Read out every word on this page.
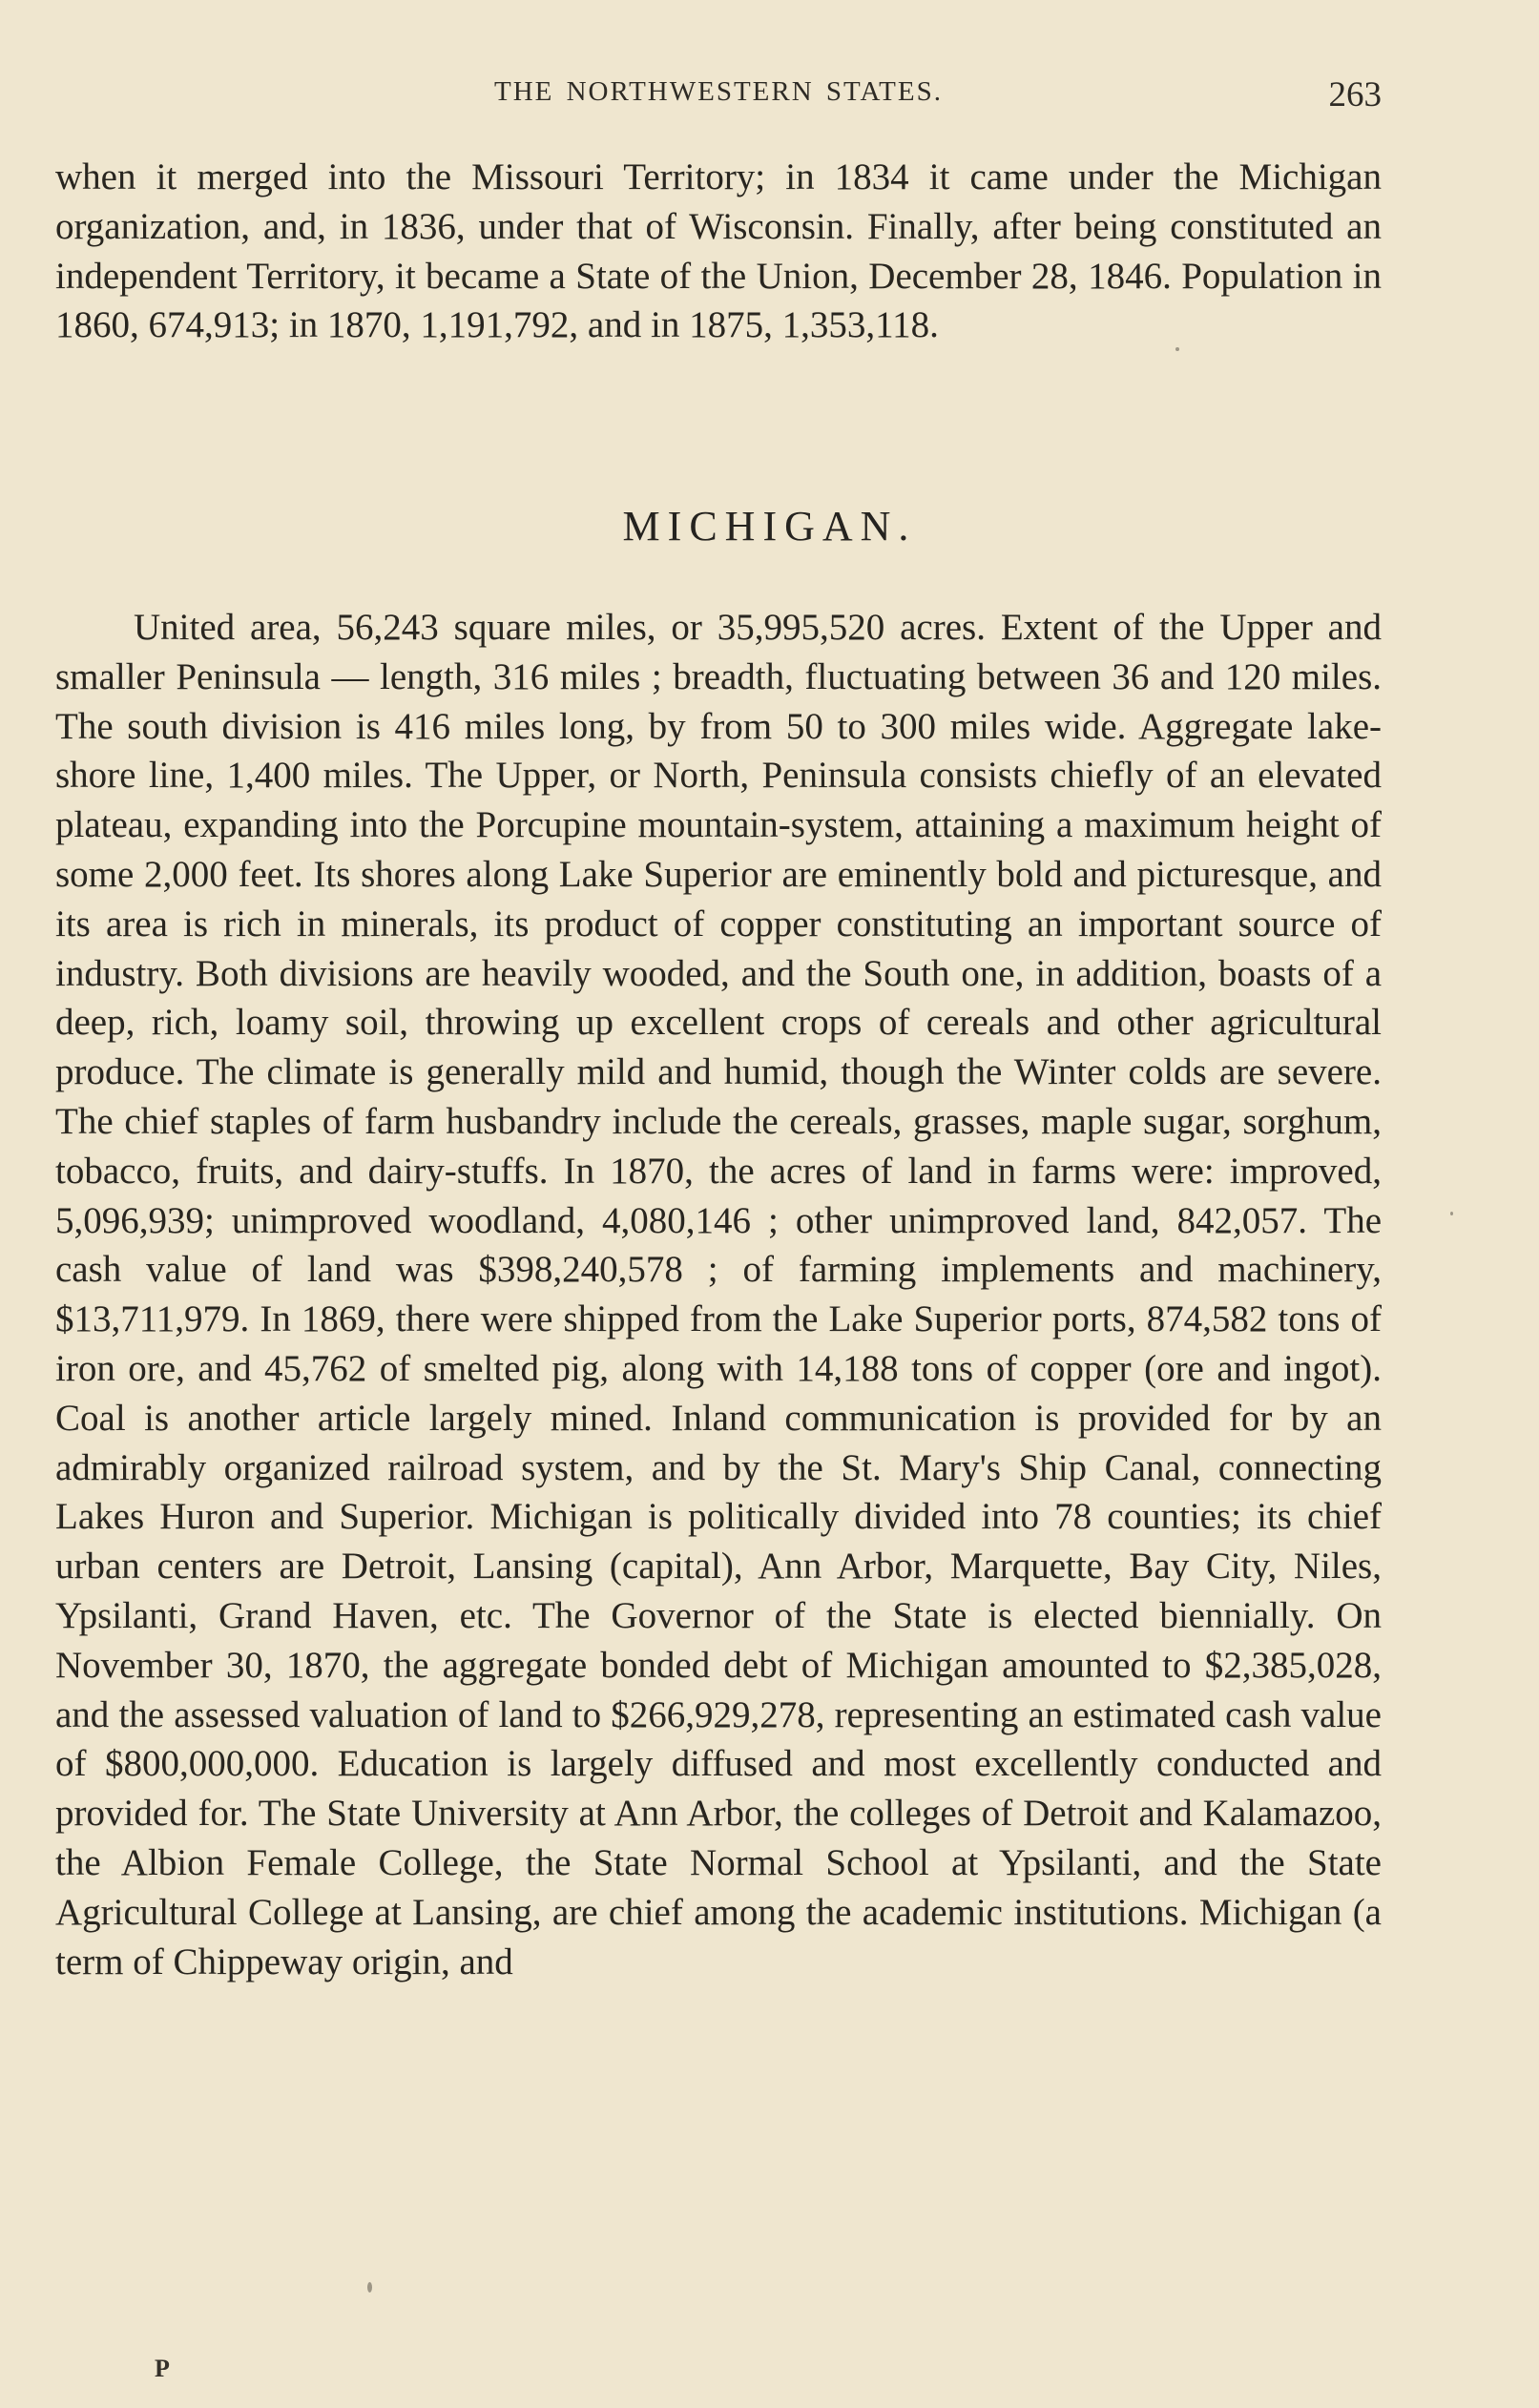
THE NORTHWESTERN STATES.	263

when it merged into the Missouri Territory; in 1834 it came under the Michigan organization, and, in 1836, under that of Wisconsin. Finally, after being constituted an independent Territory, it became a State of the Union, December 28, 1846. Population in 1860, 674,913; in 1870, 1,191,792, and in 1875, 1,353,118.

MICHIGAN.

United area, 56,243 square miles, or 35,995,520 acres. Extent of the Upper and smaller Peninsula — length, 316 miles ; breadth, fluctuating between 36 and 120 miles. The south division is 416 miles long, by from 50 to 300 miles wide. Aggregate lake-shore line, 1,400 miles. The Upper, or North, Peninsula consists chiefly of an elevated plateau, expanding into the Porcupine mountain-system, attaining a maximum height of some 2,000 feet. Its shores along Lake Superior are eminently bold and picturesque, and its area is rich in minerals, its product of copper constituting an important source of industry. Both divisions are heavily wooded, and the South one, in addition, boasts of a deep, rich, loamy soil, throwing up excellent crops of cereals and other agricultural produce. The climate is generally mild and humid, though the Winter colds are severe. The chief staples of farm husbandry include the cereals, grasses, maple sugar, sorghum, tobacco, fruits, and dairy-stuffs. In 1870, the acres of land in farms were: improved, 5,096,939; unimproved woodland, 4,080,146 ; other unimproved land, 842,057. The cash value of land was $398,240,578 ; of farming implements and machinery, $13,711,979. In 1869, there were shipped from the Lake Superior ports, 874,582 tons of iron ore, and 45,762 of smelted pig, along with 14,188 tons of copper (ore and ingot). Coal is another article largely mined. Inland communication is provided for by an admirably organized railroad system, and by the St. Mary's Ship Canal, connecting Lakes Huron and Superior. Michigan is politically divided into 78 counties; its chief urban centers are Detroit, Lansing (capital), Ann Arbor, Marquette, Bay City, Niles, Ypsilanti, Grand Haven, etc. The Governor of the State is elected biennially. On November 30, 1870, the aggregate bonded debt of Michigan amounted to $2,385,028, and the assessed valuation of land to $266,929,278, representing an estimated cash value of $800,000,000. Education is largely diffused and most excellently conducted and provided for. The State University at Ann Arbor, the colleges of Detroit and Kalamazoo, the Albion Female College, the State Normal School at Ypsilanti, and the State Agricultural College at Lansing, are chief among the academic institutions. Michigan (a term of Chippeway origin, and

P
